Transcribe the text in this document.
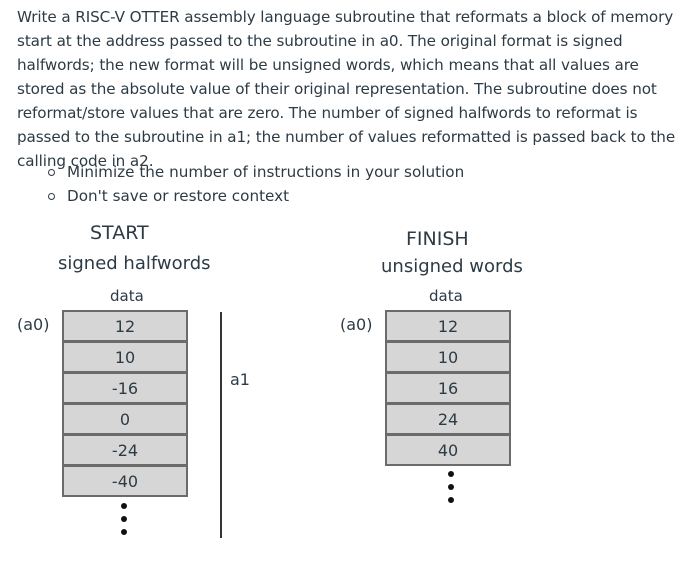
Write a RISC-V OTTER assembly language subroutine that reformats a block of memory start at the address passed to the subroutine in a0. The original format is signed halfwords; the new format will be unsigned words, which means that all values are stored as the absolute value of their original representation. The subroutine does not reformat/store values that are zero. The number of signed halfwords to reformat is passed to the subroutine in a1; the number of values reformatted is passed back to the calling code in a2.
Minimize the number of instructions in your solution
Don't save or restore context
START
signed halfwords
data
(a0)	12
10
-16
0
-24
-40
a1
FINISH
unsigned words
data
(a0)	12
10
16
24
40
